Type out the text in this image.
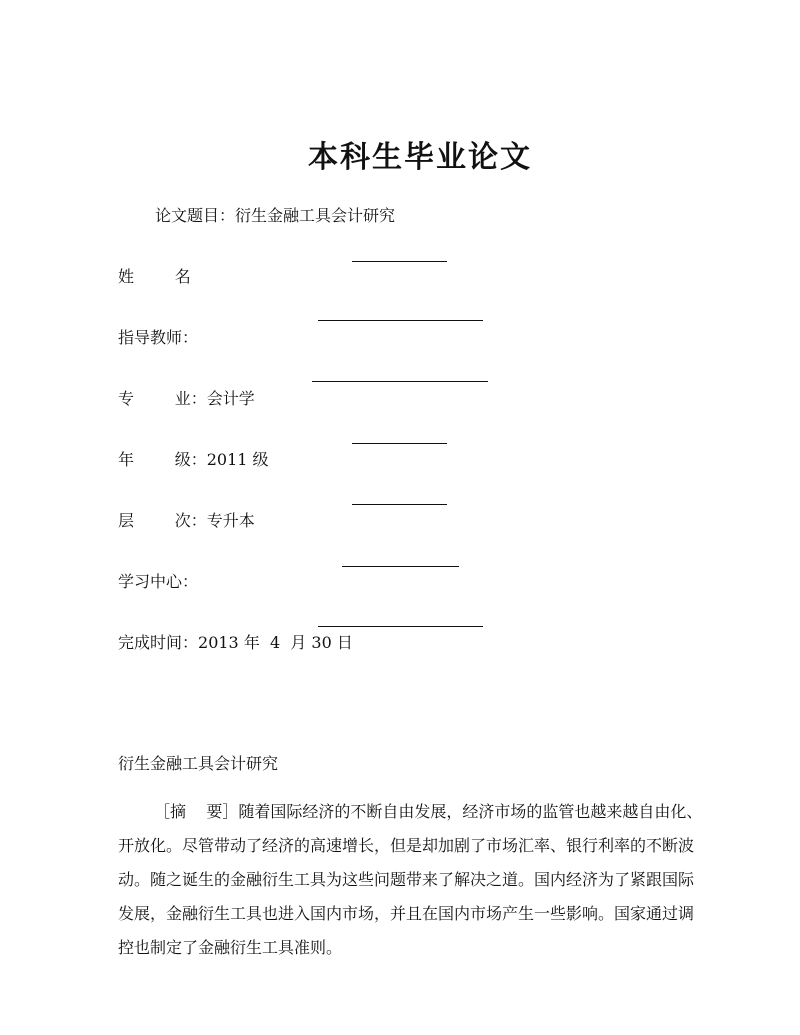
本科生毕业论文
论文题目：衍生金融工具会计研究
姓        名
指导教师：
专        业：会计学
年        级：2011 级
层        次：专升本
学习中心：
完成时间：2013 年  4  月 30 日
衍生金融工具会计研究
［摘    要］随着国际经济的不断自由发展，经济市场的监管也越来越自由化、开放化。尽管带动了经济的高速增长，但是却加剧了市场汇率、银行利率的不断波动。随之诞生的金融衍生工具为这些问题带来了解决之道。国内经济为了紧跟国际发展，金融衍生工具也进入国内市场，并且在国内市场产生一些影响。国家通过调控也制定了金融衍生工具准则。
